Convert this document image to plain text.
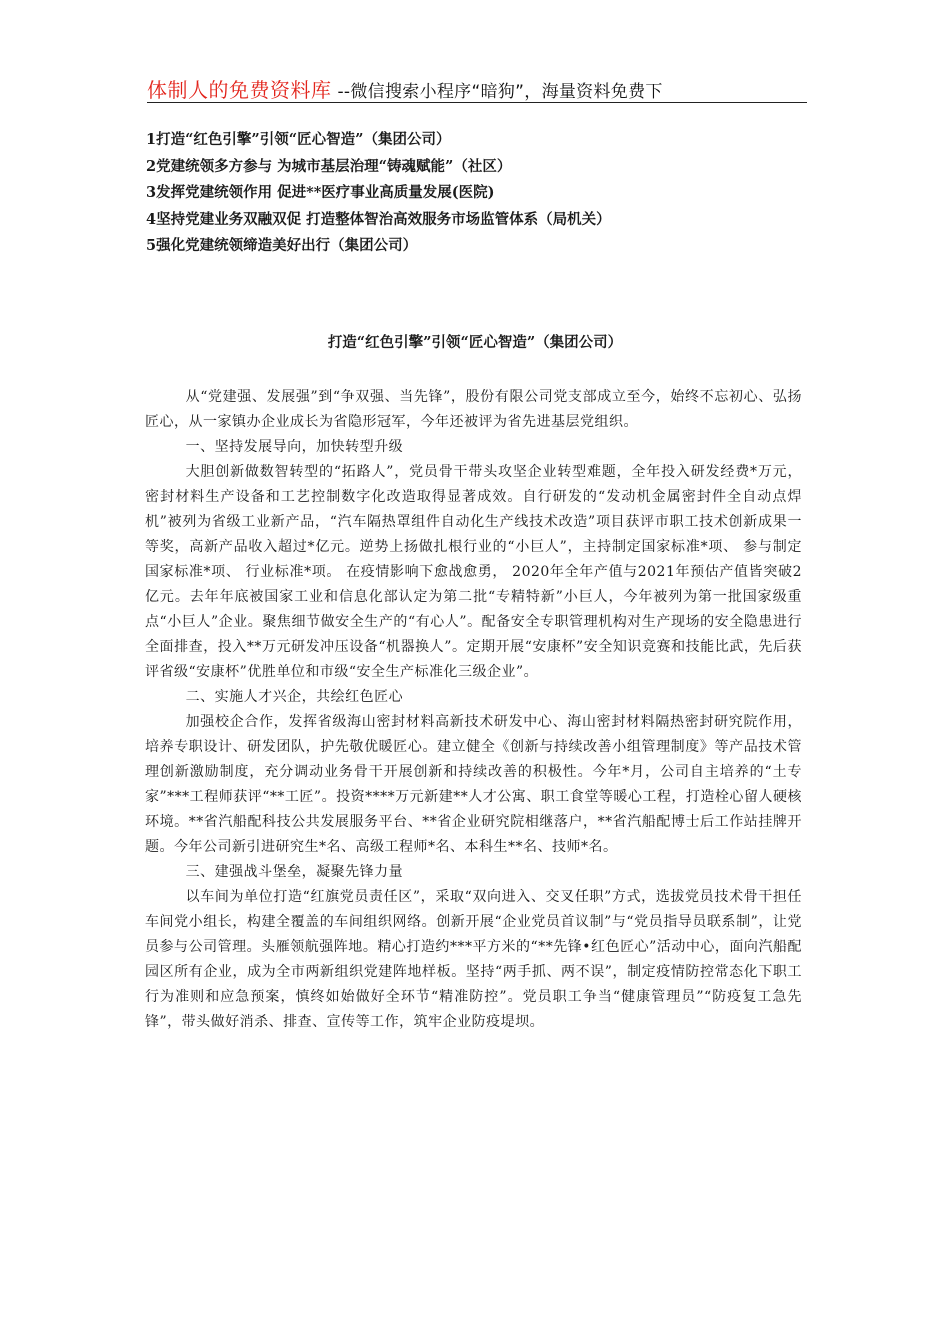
体制人的免费资料库 --微信搜索小程序“暗狗”，海量资料免费下
1打造“红色引擎”引领“匠心智造”（集团公司）
2党建统领多方参与 为城市基层治理“铸魂赋能”（社区）
3发挥党建统领作用 促进**医疗事业高质量发展(医院)
4坚持党建业务双融双促 打造整体智治高效服务市场监管体系（局机关）
5强化党建统领缔造美好出行（集团公司）
打造“红色引擎”引领“匠心智造”（集团公司）

从“党建强、发展强”到“争双强、当先锋”，股份有限公司党支部成立至今，始终不忘初心、弘扬匠心，从一家镇办企业成长为省隐形冠军，今年还被评为省先进基层党组织。

一、坚持发展导向，加快转型升级

大胆创新做数智转型的“拓路人”，党员骨干带头攻坚企业转型难题，全年投入研发经费*万元，密封材料生产设备和工艺控制数字化改造取得显著成效。自行研发的“发动机金属密封件全自动点焊机”被列为省级工业新产品，“汽车隔热罩组件自动化生产线技术改造”项目获评市职工技术创新成果一等奖，高新产品收入超过*亿元。逆势上扬做扎根行业的“小巨人”，主持制定国家标准*项、 参与制定国家标准*项、 行业标准*项。 在疫情影响下愈战愈勇， 2020年全年产值与2021年预估产值皆突破2亿元。去年年底被国家工业和信息化部认定为第二批“专精特新”小巨人，今年被列为第一批国家级重点“小巨人”企业。聚焦细节做安全生产的“有心人”。配备安全专职管理机构对生产现场的安全隐患进行全面排查，投入**万元研发冲压设备“机器换人”。定期开展“安康杯”安全知识竞赛和技能比武，先后获评省级“安康杯”优胜单位和市级“安全生产标准化三级企业”。

二、实施人才兴企，共绘红色匠心

加强校企合作，发挥省级海山密封材料高新技术研发中心、海山密封材料隔热密封研究院作用，培养专职设计、研发团队，护先敬优暖匠心。建立健全《创新与持续改善小组管理制度》等产品技术管理创新激励制度，充分调动业务骨干开展创新和持续改善的积极性。今年*月，公司自主培养的“土专家”***工程师获评“**工匠”。投资****万元新建**人才公寓、职工食堂等暖心工程，打造栓心留人硬核环境。**省汽船配科技公共发展服务平台、**省企业研究院相继落户，**省汽船配博士后工作站挂牌开题。今年公司新引进研究生*名、高级工程师*名、本科生**名、技师*名。

三、建强战斗堡垒，凝聚先锋力量

以车间为单位打造“红旗党员责任区”，采取“双向进入、交叉任职”方式，选拔党员技术骨干担任车间党小组长，构建全覆盖的车间组织网络。创新开展“企业党员首议制”与“党员指导员联系制”，让党员参与公司管理。头雁领航强阵地。精心打造约***平方米的“**先锋•红色匠心”活动中心，面向汽船配园区所有企业，成为全市两新组织党建阵地样板。坚持“两手抓、两不误”，制定疫情防控常态化下职工行为准则和应急预案，慎终如始做好全环节“精准防控”。党员职工争当“健康管理员”“防疫复工急先锋”，带头做好消杀、排查、宣传等工作，筑牢企业防疫堤坝。
